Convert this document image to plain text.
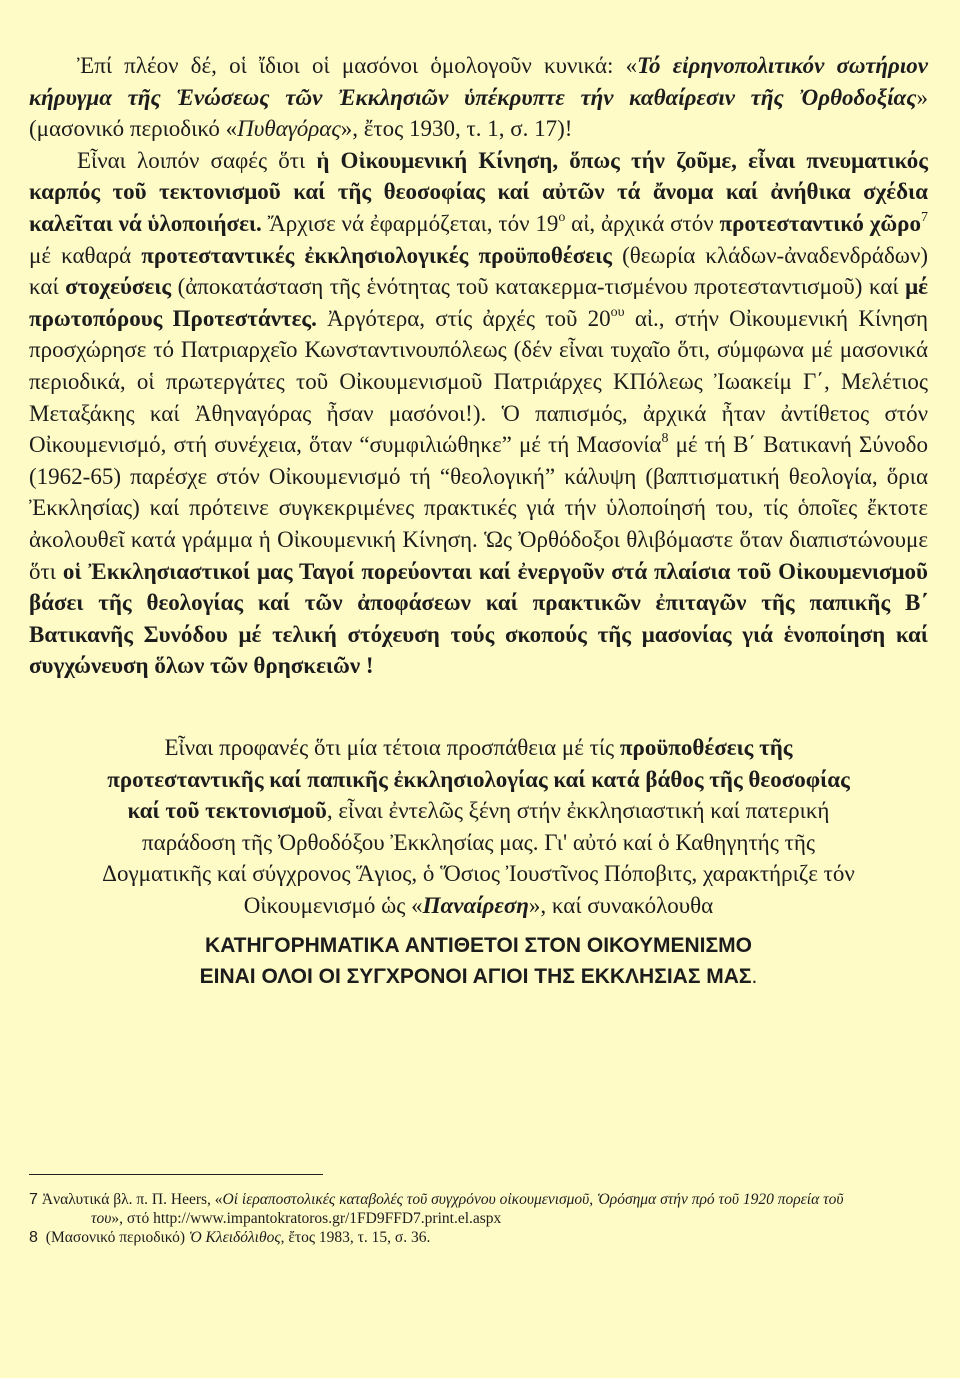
Ἐπί πλέον δέ, οἱ ἴδιοι οἱ μασόνοι ὁμολογοῦν κυνικά: «Τό εἰρηνοπολιτικόν σωτήριον κήρυγμα τῆς Ἑνώσεως τῶν Ἐκκλησιῶν ὑπέκρυπτε τήν καθαίρεσιν τῆς Ὀρθοδοξίας» (μασονικό περιοδικό «Πυθαγόρας», ἔτος 1930, τ. 1, σ. 17)!

Εἶναι λοιπόν σαφές ὅτι ἡ Οἰκουμενική Κίνηση, ὅπως τήν ζοῦμε, εἶναι πνευματικός καρπός τοῦ τεκτονισμοῦ καί τῆς θεοσοφίας καί αὐτῶν τά ἄνομα καί ἀνήθικα σχέδια καλεῖται νά ὑλοποιήσει. Ἄρχισε νά ἐφαρμόζεται, τόν $19^o$ αἰ, ἀρχικά στόν προτεσταντικό χῶρο$^7$ μέ καθαρά προτεσταντικές ἐκκλησιολογικές προϋποθέσεις (θεωρία κλάδων-ἀναδενδράδων) καί στοχεύσεις (ἀποκατάσταση τῆς ἑνότητας τοῦ κατακερμα-τισμένου προτεσταντισμοῦ) καί μέ πρωτοπόρους Προτεστάντες. Ἀργότερα, στίς ἀρχές τοῦ $20^{o\upsilon}$ αἰ., στήν Οἰκουμενική Κίνηση προσχώρησε τό Πατριαρχεῖο Κωνσταντινουπόλεως (δέν εἶναι τυχαῖο ὅτι, σύμφωνα μέ μασονικά περιοδικά, οἱ πρωτεργάτες τοῦ Οἰκουμενισμοῦ Πατριάρχες ΚΠόλεως Ἰωακείμ Γ΄, Μελέτιος Μεταξάκης καί Ἀθηναγόρας ἦσαν μασόνοι!). Ὁ παπισμός, ἀρχικά ἦταν ἀντίθετος στόν Οἰκουμενισμό, στή συνέχεια, ὅταν “συμφιλιώθηκε” μέ τή Μασονία$^8$ μέ τή Β΄ Βατικανή Σύνοδο (1962-65) παρέσχε στόν Οἰκουμενισμό τή “θεολογική” κάλυψη (βαπτισματική θεολογία, ὅρια Ἐκκλησίας) καί πρότεινε συγκεκριμένες πρακτικές γιά τήν ὑλοποίησή του, τίς ὁποῖες ἔκτοτε ἀκολουθεῖ κατά γράμμα ἡ Οἰκουμενική Κίνηση. Ὡς Ὀρθόδοξοι θλιβόμαστε ὅταν διαπιστώνουμε ὅτι οἱ Ἐκκλησιαστικοί μας Ταγοί πορεύονται καί ἐνεργοῦν στά πλαίσια τοῦ Οἰκουμενισμοῦ βάσει τῆς θεολογίας καί τῶν ἀποφάσεων καί πρακτικῶν ἐπιταγῶν τῆς παπικῆς Β΄ Βατικανῆς Συνόδου μέ τελική στόχευση τούς σκοπούς τῆς μασονίας γιά ἑνοποίηση καί συγχώνευση ὅλων τῶν θρησκειῶν !

Εἶναι προφανές ὅτι μία τέτοια προσπάθεια μέ τίς προϋποθέσεις τῆς

προτεσταντικῆς καί παπικῆς ἐκκλησιολογίας καί κατά βάθος τῆς θεοσοφίας

καί τοῦ τεκτονισμοῦ, εἶναι ἐντελῶς ξένη στήν ἐκκλησιαστική καί πατερική

παράδοση τῆς Ὀρθοδόξου Ἐκκλησίας μας. Γι' αὐτό καί ὁ Καθηγητής τῆς

Δογματικῆς καί σύγχρονος Ἅγιος, ὁ Ὅσιος Ἰουστῖνος Πόποβιτς, χαρακτήριζε τόν

Οἰκουμενισμό ὡς «Παναίρεση», καί συνακόλουθα

ΚΑΤΗΓΟΡΗΜΑΤΙΚΑ ΑΝΤΙΘΕΤΟΙ ΣΤΟΝ ΟΙΚΟΥΜΕΝΙΣΜΟ

ΕΙΝΑΙ ΟΛΟΙ ΟΙ ΣΥΓΧΡΟΝΟΙ ΑΓΙΟΙ ΤΗΣ ΕΚΚΛΗΣΙΑΣ ΜΑΣ.

7 Ἀναλυτικά βλ. π. Π. Heers, «Οἱ ἱεραποστολικές καταβολές τοῦ συγχρόνου οἰκουμενισμοῦ, Ὁρόσημα στήν πρό τοῦ 1920 πορεία τοῦ

του», στό http://www.impantokratoros.gr/1FD9FFD7.print.el.aspx

8 (Μασονικό περιοδικό) Ὁ Κλειδόλιθος, ἔτος 1983, τ. 15, σ. 36.
